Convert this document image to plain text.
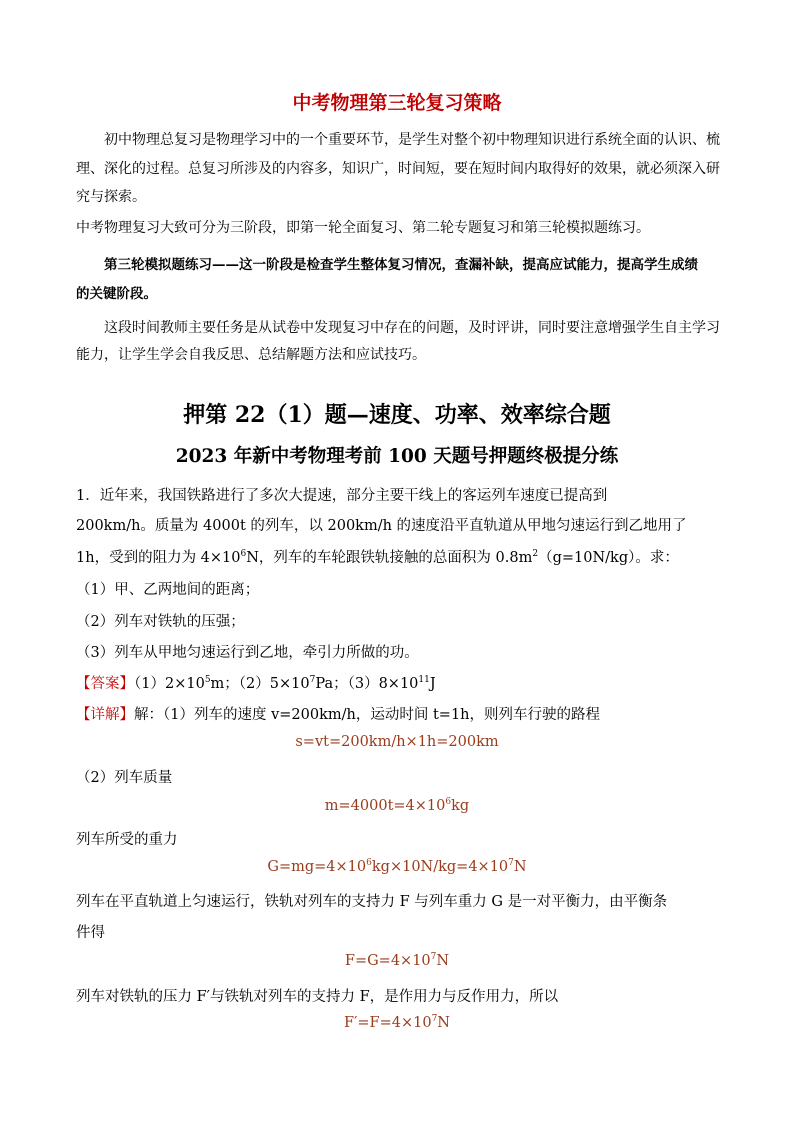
中考物理第三轮复习策略
初中物理总复习是物理学习中的一个重要环节，是学生对整个初中物理知识进行系统全面的认识、梳
理、深化的过程。总复习所涉及的内容多，知识广，时间短，要在短时间内取得好的效果，就必须深入研
究与探索。
中考物理复习大致可分为三阶段，即第一轮全面复习、第二轮专题复习和第三轮模拟题练习。
第三轮模拟题练习——这一阶段是检查学生整体复习情况，查漏补缺，提高应试能力，提高学生成绩
的关键阶段。
这段时间教师主要任务是从试卷中发现复习中存在的问题，及时评讲，同时要注意增强学生自主学习
能力，让学生学会自我反思、总结解题方法和应试技巧。
押第 22（1）题—速度、功率、效率综合题
2023 年新中考物理考前 100 天题号押题终极提分练
1．近年来，我国铁路进行了多次大提速，部分主要干线上的客运列车速度已提高到
200km/h。质量为 4000t 的列车，以 200km/h 的速度沿平直轨道从甲地匀速运行到乙地用了
1h，受到的阻力为 $4\times 10^6N$，列车的车轮跟铁轨接触的总面积为 $0.8m^2(g=10N/kg)$。求：
（1）甲、乙两地间的距离；
（2）列车对铁轨的压强；
（3）列车从甲地匀速运行到乙地，牵引力所做的功。
【答案】$(1)2\times 10^5m$；$(2)5\times 10^7Pa$；$(3)8\times 10^{11}J$
【详解】解：（1）列车的速度 v=200km/h，运动时间 t=1h，则列车行驶的路程
s=vt=200km/h×1h=200km
（2）列车质量
$m=4000t=4\times 10^6kg$
列车所受的重力
$G=mg=4\times 10^6kg\times 10N/kg=4\times 10^7N$
列车在平直轨道上匀速运行，铁轨对列车的支持力 F 与列车重力 G 是一对平衡力，由平衡条
件得
$F=G=4\times 10^7N$
列车对铁轨的压力 F′与铁轨对列车的支持力 F，是作用力与反作用力，所以
$F'=F=4\times 10^7N$
